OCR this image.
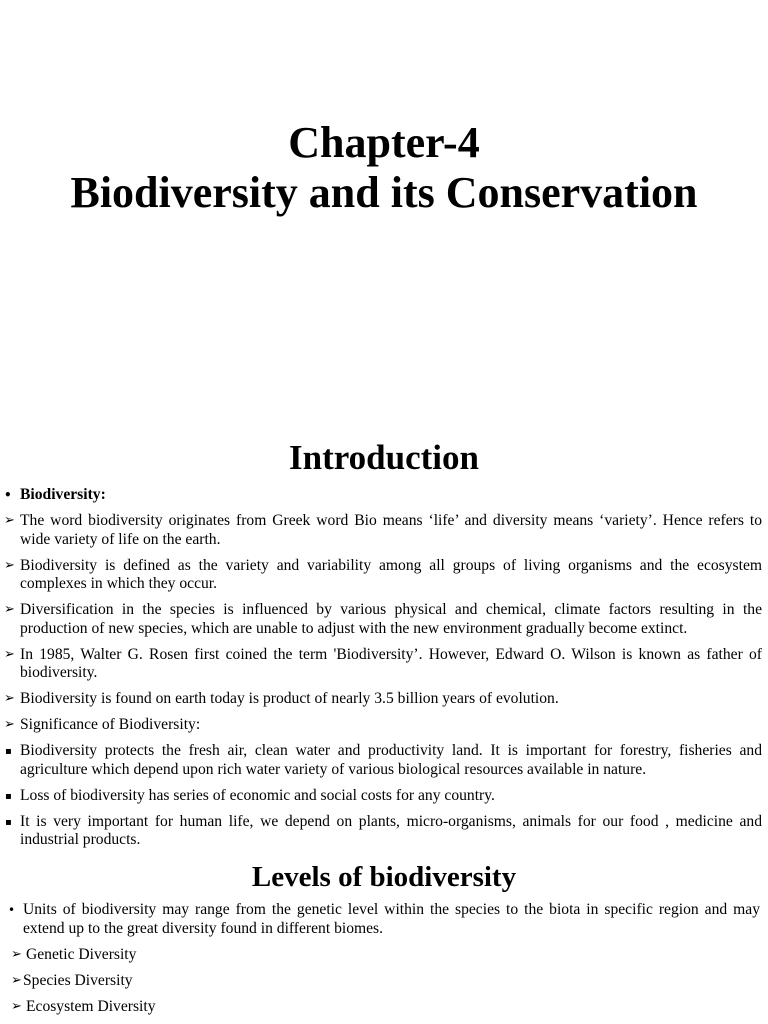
Chapter-4
Biodiversity and its Conservation
Introduction
• Biodiversity:
➢ The word biodiversity originates from Greek word Bio means ‘life’ and diversity means ‘variety’. Hence refers to wide variety of life on the earth.
➢ Biodiversity is defined as the variety and variability among all groups of living organisms and the ecosystem complexes in which they occur.
➢ Diversification in the species is influenced by various physical and chemical, climate factors resulting in the production of new species, which are unable to adjust with the new environment gradually become extinct.
➢ In 1985, Walter G. Rosen first coined the term 'Biodiversity’. However, Edward O. Wilson is known as father of biodiversity.
➢ Biodiversity is found on earth today is product of nearly 3.5 billion years of evolution.
➢ Significance of Biodiversity:
▪ Biodiversity protects the fresh air, clean water and productivity land. It is important for forestry, fisheries and agriculture which depend upon rich water variety of various biological resources available in nature.
▪ Loss of biodiversity has series of economic and social costs for any country.
▪ It is very important for human life, we depend on plants, micro-organisms, animals for our food , medicine and industrial products.
Levels of biodiversity
• Units of biodiversity may range from the genetic level within the species to the biota in specific region and may extend up to the great diversity found in different biomes.
➢ Genetic Diversity
➢ Species Diversity
➢ Ecosystem Diversity
